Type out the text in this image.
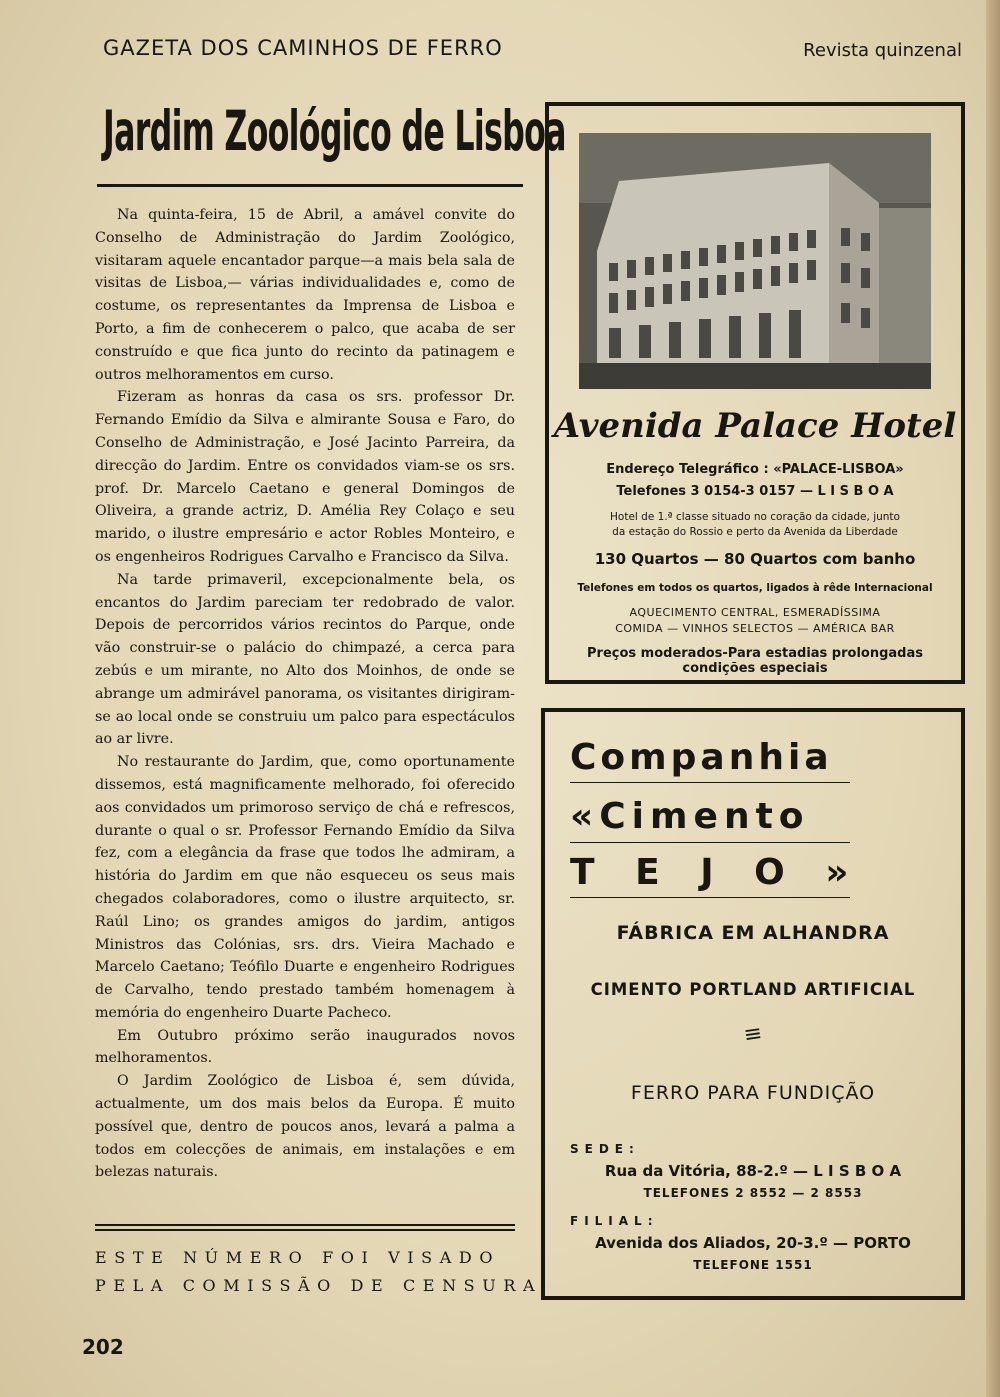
GAZETA DOS CAMINHOS DE FERRO	Revista quinzenal
Jardim Zoológico de Lisboa

Na quinta-feira, 15 de Abril, a amável convite do Conselho de Administração do Jardim Zoológico, visitaram aquele encantador parque—a mais bela sala de visitas de Lisboa,— várias individualidades e, como de costume, os representantes da Imprensa de Lisboa e Porto, a fim de conhecerem o palco, que acaba de ser construído e que fica junto do recinto da patinagem e outros melhoramentos em curso.

Fizeram as honras da casa os srs. professor Dr. Fernando Emídio da Silva e almirante Sousa e Faro, do Conselho de Administração, e José Jacinto Parreira, da direcção do Jardim. Entre os convidados viam-se os srs. prof. Dr. Marcelo Caetano e general Domingos de Oliveira, a grande actriz, D. Amélia Rey Colaço e seu marido, o ilustre empresário e actor Robles Monteiro, e os engenheiros Rodrigues Carvalho e Francisco da Silva.

Na tarde primaveril, excepcionalmente bela, os encantos do Jardim pareciam ter redobrado de valor. Depois de percorridos vários recintos do Parque, onde vão construir-se o palácio do chimpazé, a cerca para zebús e um mirante, no Alto dos Moinhos, de onde se abrange um admirável panorama, os visitantes dirigiram-se ao local onde se construiu um palco para espectáculos ao ar livre.

No restaurante do Jardim, que, como oportunamente dissemos, está magnificamente melhorado, foi oferecido aos convidados um primoroso serviço de chá e refrescos, durante o qual o sr. Professor Fernando Emídio da Silva fez, com a elegância da frase que todos lhe admiram, a história do Jardim em que não esqueceu os seus mais chegados colaboradores, como o ilustre arquitecto, sr. Raúl Lino; os grandes amigos do jardim, antigos Ministros das Colónias, srs. drs. Vieira Machado e Marcelo Caetano; Teófilo Duarte e engenheiro Rodrigues de Carvalho, tendo prestado também homenagem à memória do engenheiro Duarte Pacheco.

Em Outubro próximo serão inaugurados novos melhoramentos.

O Jardim Zoológico de Lisboa é, sem dúvida, actualmente, um dos mais belos da Europa. É muito possível que, dentro de poucos anos, levará a palma a todos em colecções de animais, em instalações e em belezas naturais.

ESTE NÚMERO FOI VISADO
PELA COMISSÃO DE CENSURA
202
Avenida Palace Hotel
Endereço Telegráfico : «PALACE-LISBOA»
Telefones 3 0154-3 0157 — L I S B O A
Hotel de 1.ª classe situado no coração da cidade, junto
da estação do Rossio e perto da Avenida da Liberdade
130 Quartos — 80 Quartos com banho
Telefones em todos os quartos, ligados à rêde Internacional
AQUECIMENTO CENTRAL, ESMERADÍSSIMA
COMIDA — VINHOS SELECTOS — AMÉRICA BAR
Preços moderados-Para estadias prolongadas condições especiais
Companhia
«Cimento
T E J O »
FÁBRICA EM ALHANDRA
CIMENTO PORTLAND ARTIFICIAL
≡
FERRO PARA FUNDIÇÃO
SEDE:
Rua da Vitória, 88-2.º — L I S B O A
TELEFONES 2 8552 — 2 8553
FILIAL:
Avenida dos Aliados, 20-3.º — PORTO
TELEFONE 1551
